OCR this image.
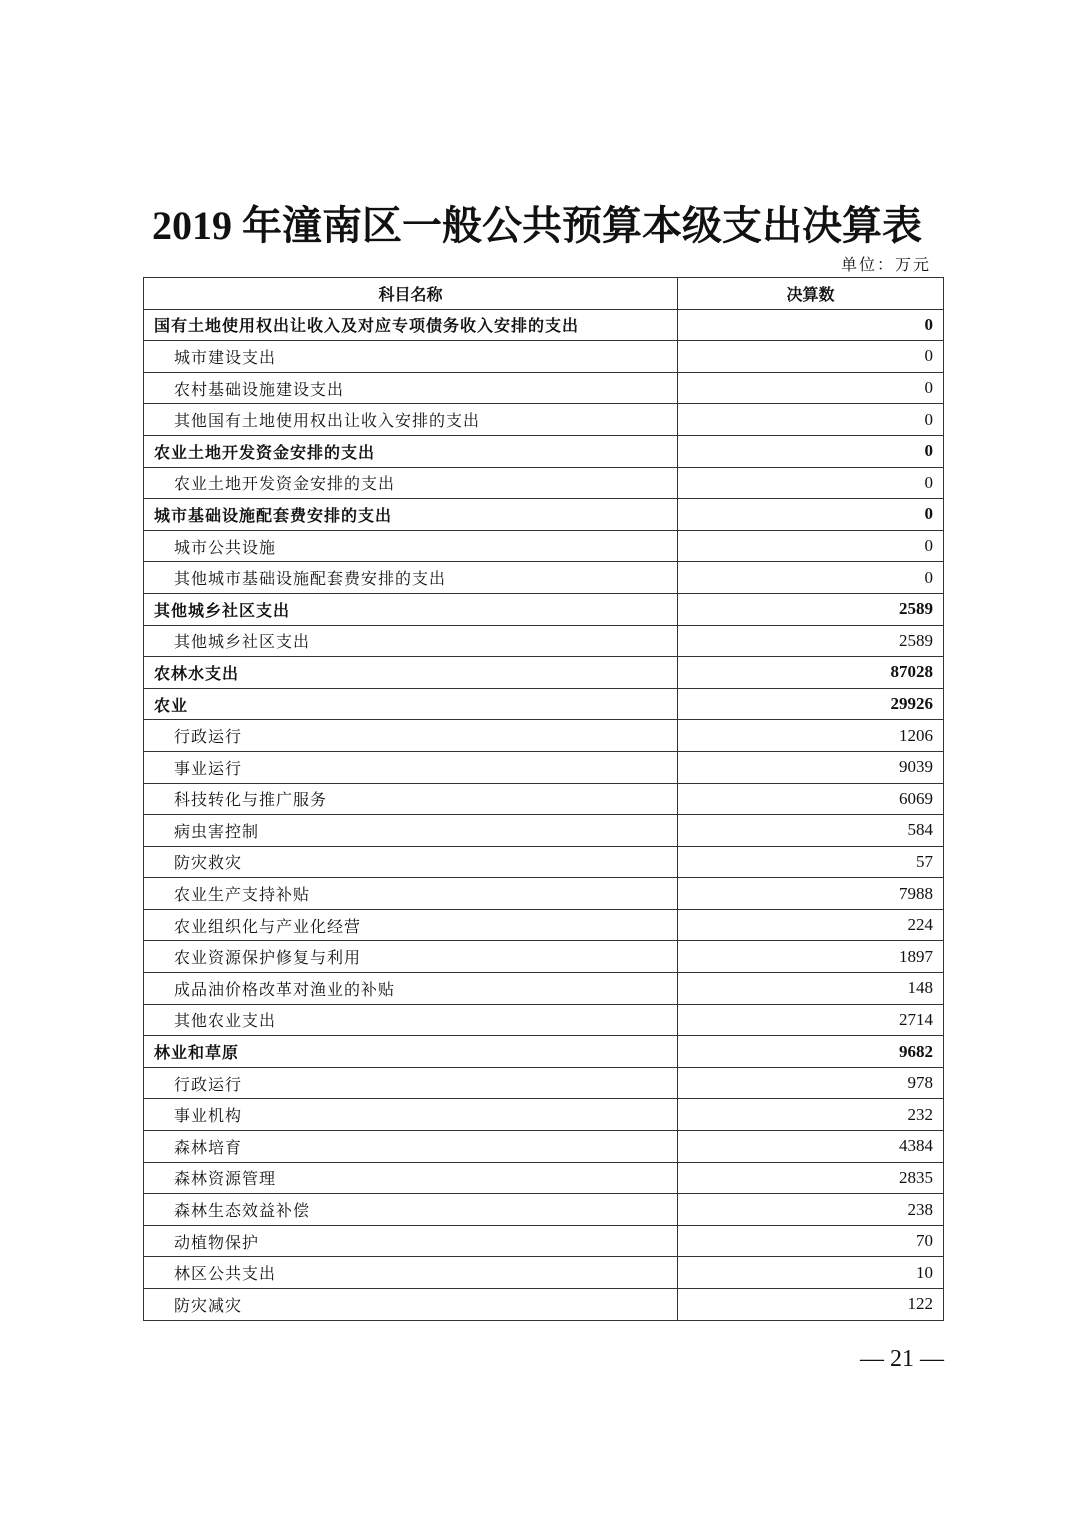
2019 年潼南区一般公共预算本级支出决算表
单位：万元
科目名称	决算数
国有土地使用权出让收入及对应专项债务收入安排的支出	0
城市建设支出	0
农村基础设施建设支出	0
其他国有土地使用权出让收入安排的支出	0
农业土地开发资金安排的支出	0
农业土地开发资金安排的支出	0
城市基础设施配套费安排的支出	0
城市公共设施	0
其他城市基础设施配套费安排的支出	0
其他城乡社区支出	2589
其他城乡社区支出	2589
农林水支出	87028
农业	29926
行政运行	1206
事业运行	9039
科技转化与推广服务	6069
病虫害控制	584
防灾救灾	57
农业生产支持补贴	7988
农业组织化与产业化经营	224
农业资源保护修复与利用	1897
成品油价格改革对渔业的补贴	148
其他农业支出	2714
林业和草原	9682
行政运行	978
事业机构	232
森林培育	4384
森林资源管理	2835
森林生态效益补偿	238
动植物保护	70
林区公共支出	10
防灾减灾	122
— 21 —
